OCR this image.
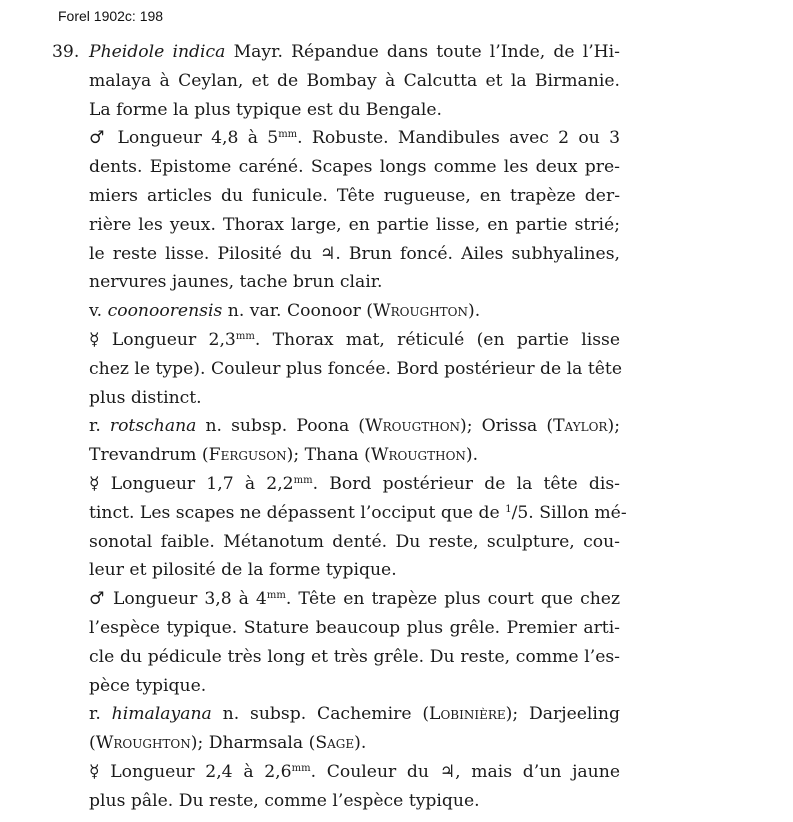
Forel 1902c: 198
39. Pheidole indica Mayr. Répandue dans toute l’Inde, de l’Hi-
malaya à Ceylan, et de Bombay à Calcutta et la Birmanie.
La forme la plus typique est du Bengale.
♂ Longueur 4,8 à $5^{mm}$. Robuste. Mandibules avec 2 ou 3
dents. Epistome caréné. Scapes longs comme les deux pre-
miers articles du funicule. Tête rugueuse, en trapèze der-
rière les yeux. Thorax large, en partie lisse, en partie strié;
le reste lisse. Pilosité du ♃. Brun foncé. Ailes subhyalines,
nervures jaunes, tache brun clair.
v. coonoorensis n. var. Coonoor (Wroughton).
☿ Longueur $2,3^{mm}$. Thorax mat, réticulé (en partie lisse
chez le type). Couleur plus foncée. Bord postérieur de la tête
plus distinct.
r. rotschana n. subsp. Poona (Wrougthon); Orissa (Taylor);
Trevandrum (Ferguson); Thana (Wrougthon).
☿ Longueur 1,7 à $2,2^{mm}$. Bord postérieur de la tête dis-
tinct. Les scapes ne dépassent l’occiput que de $^1$/5. Sillon mé-
sonotal faible. Métanotum denté. Du reste, sculpture, cou-
leur et pilosité de la forme typique.
♂ Longueur 3,8 à $4^{mm}$. Tête en trapèze plus court que chez
l’espèce typique. Stature beaucoup plus grêle. Premier arti-
cle du pédicule très long et très grêle. Du reste, comme l’es-
pèce typique.
r. himalayana n. subsp. Cachemire (Lobinière); Darjeeling
(Wroughton); Dharmsala (Sage).
☿ Longueur 2,4 à $2,6^{mm}$. Couleur du ♃, mais d’un jaune
plus pâle. Du reste, comme l’espèce typique.
